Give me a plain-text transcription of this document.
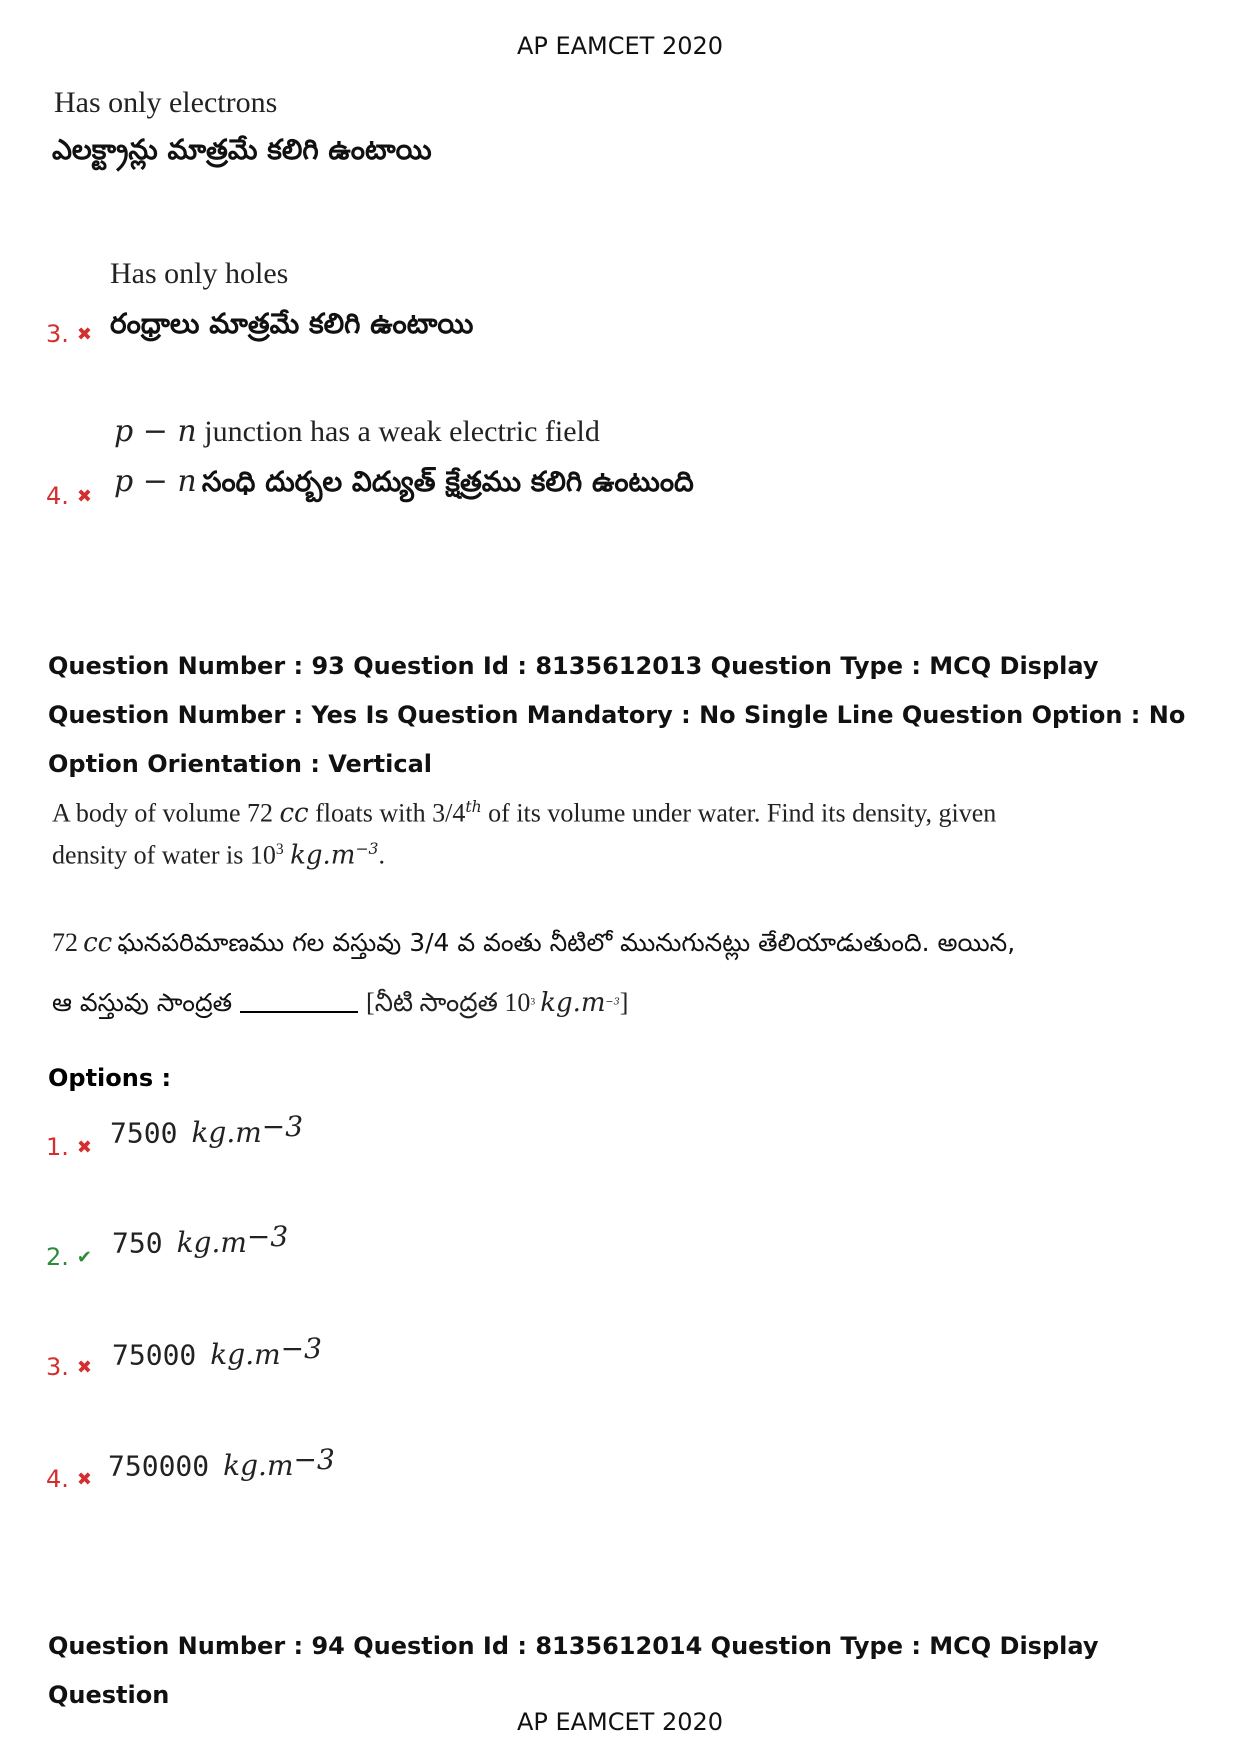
AP EAMCET 2020
Has only electrons
ఎలక్ట్రాన్లు మాత్రమే కలిగి ఉంటాయి
Has only holes
3. ✖ రంధ్రాలు మాత్రమే కలిగి ఉంటాయి
p − n junction has a weak electric field
4. ✖ p − n సంధి దుర్బల విద్యుత్ క్షేత్రము కలిగి ఉంటుంది
Question Number : 93 Question Id : 8135612013 Question Type : MCQ Display Question Number : Yes Is Question Mandatory : No Single Line Question Option : No Option Orientation : Vertical
A body of volume 72 cc floats with 3/4th of its volume under water. Find its density, given
density of water is $10^3$ $kg.m^{-3}$.
72 cc ఘనపరిమాణము గల వస్తువు 3/4 వ వంతు నీటిలో మునుగునట్లు తేలియాడుతుంది. అయిన,
ఆ వస్తువు సాంద్రత	[నీటి సాంద్రత $10^3$ $kg.m^{-3}$]
Options :
1. ✖ 7500 $kg.m^{-3}$
2. ✔ 750 $kg.m^{-3}$
3. ✖ 75000 $kg.m^{-3}$
4. ✖ 750000 $kg.m^{-3}$
Question Number : 94 Question Id : 8135612014 Question Type : MCQ Display Question
AP EAMCET 2020
